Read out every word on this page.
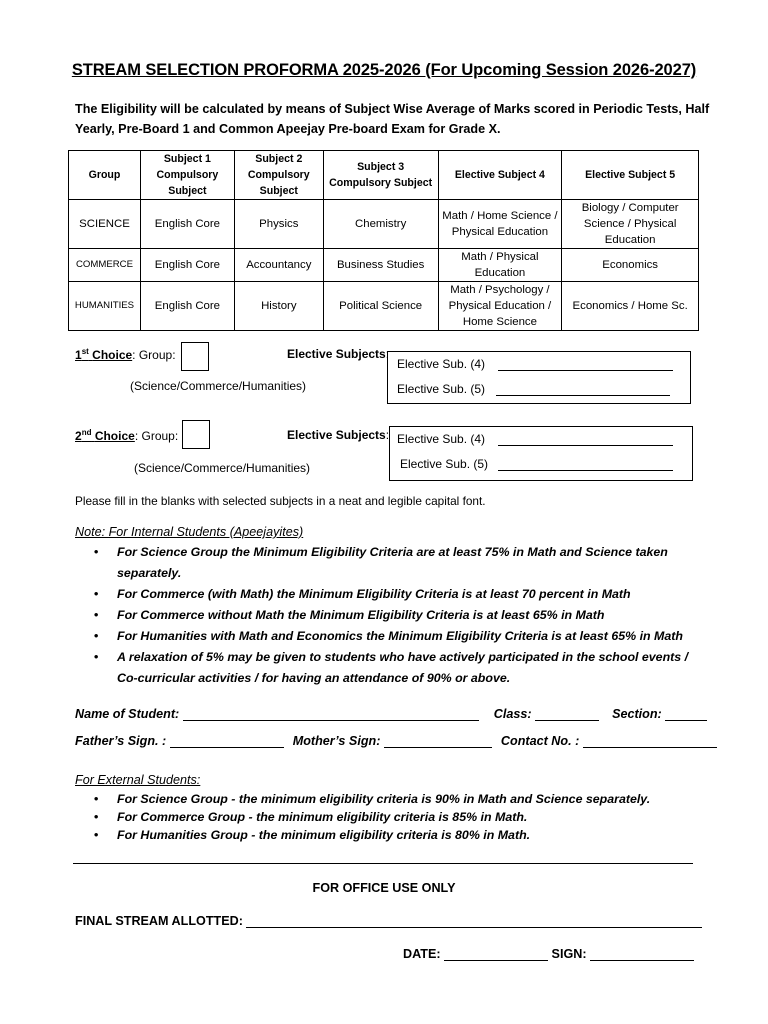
STREAM SELECTION PROFORMA 2025-2026 (For Upcoming Session 2026-2027)
The Eligibility will be calculated by means of Subject Wise Average of Marks scored in Periodic Tests, Half Yearly, Pre-Board 1 and Common Apeejay Pre-board Exam for Grade X.
Group	Subject 1 Compulsory Subject	Subject 2 Compulsory Subject	Subject 3 Compulsory Subject	Elective Subject 4	Elective Subject 5
SCIENCE	English Core	Physics	Chemistry	Math / Home Science / Physical Education	Biology / Computer Science / Physical Education
COMMERCE	English Core	Accountancy	Business Studies	Math / Physical Education	Economics
HUMANITIES	English Core	History	Political Science	Math / Psychology / Physical Education / Home Science	Economics / Home Sc.
1st Choice: Group:	Elective Subjects:
(Science/Commerce/Humanities)
Elective Sub. (4)
Elective Sub. (5)
2nd Choice: Group:	Elective Subjects:
(Science/Commerce/Humanities)
Elective Sub. (4)
Elective Sub. (5)
Please fill in the blanks with selected subjects in a neat and legible capital font.
Note: For Internal Students (Apeejayites)
• For Science Group the Minimum Eligibility Criteria are at least 75% in Math and Science taken separately.
• For Commerce (with Math) the Minimum Eligibility Criteria is at least 70 percent in Math
• For Commerce without Math the Minimum Eligibility Criteria is at least 65% in Math
• For Humanities with Math and Economics the Minimum Eligibility Criteria is at least 65% in Math
• A relaxation of 5% may be given to students who have actively participated in the school events / Co-curricular activities / for having an attendance of 90% or above.
Name of Student:	Class:	Section:
Father’s Sign. :	Mother’s Sign:	Contact No. :
For External Students:
• For Science Group - the minimum eligibility criteria is 90% in Math and Science separately.
• For Commerce Group - the minimum eligibility criteria is 85% in Math.
• For Humanities Group - the minimum eligibility criteria is 80% in Math.
FOR OFFICE USE ONLY
FINAL STREAM ALLOTTED:
DATE:	SIGN:
